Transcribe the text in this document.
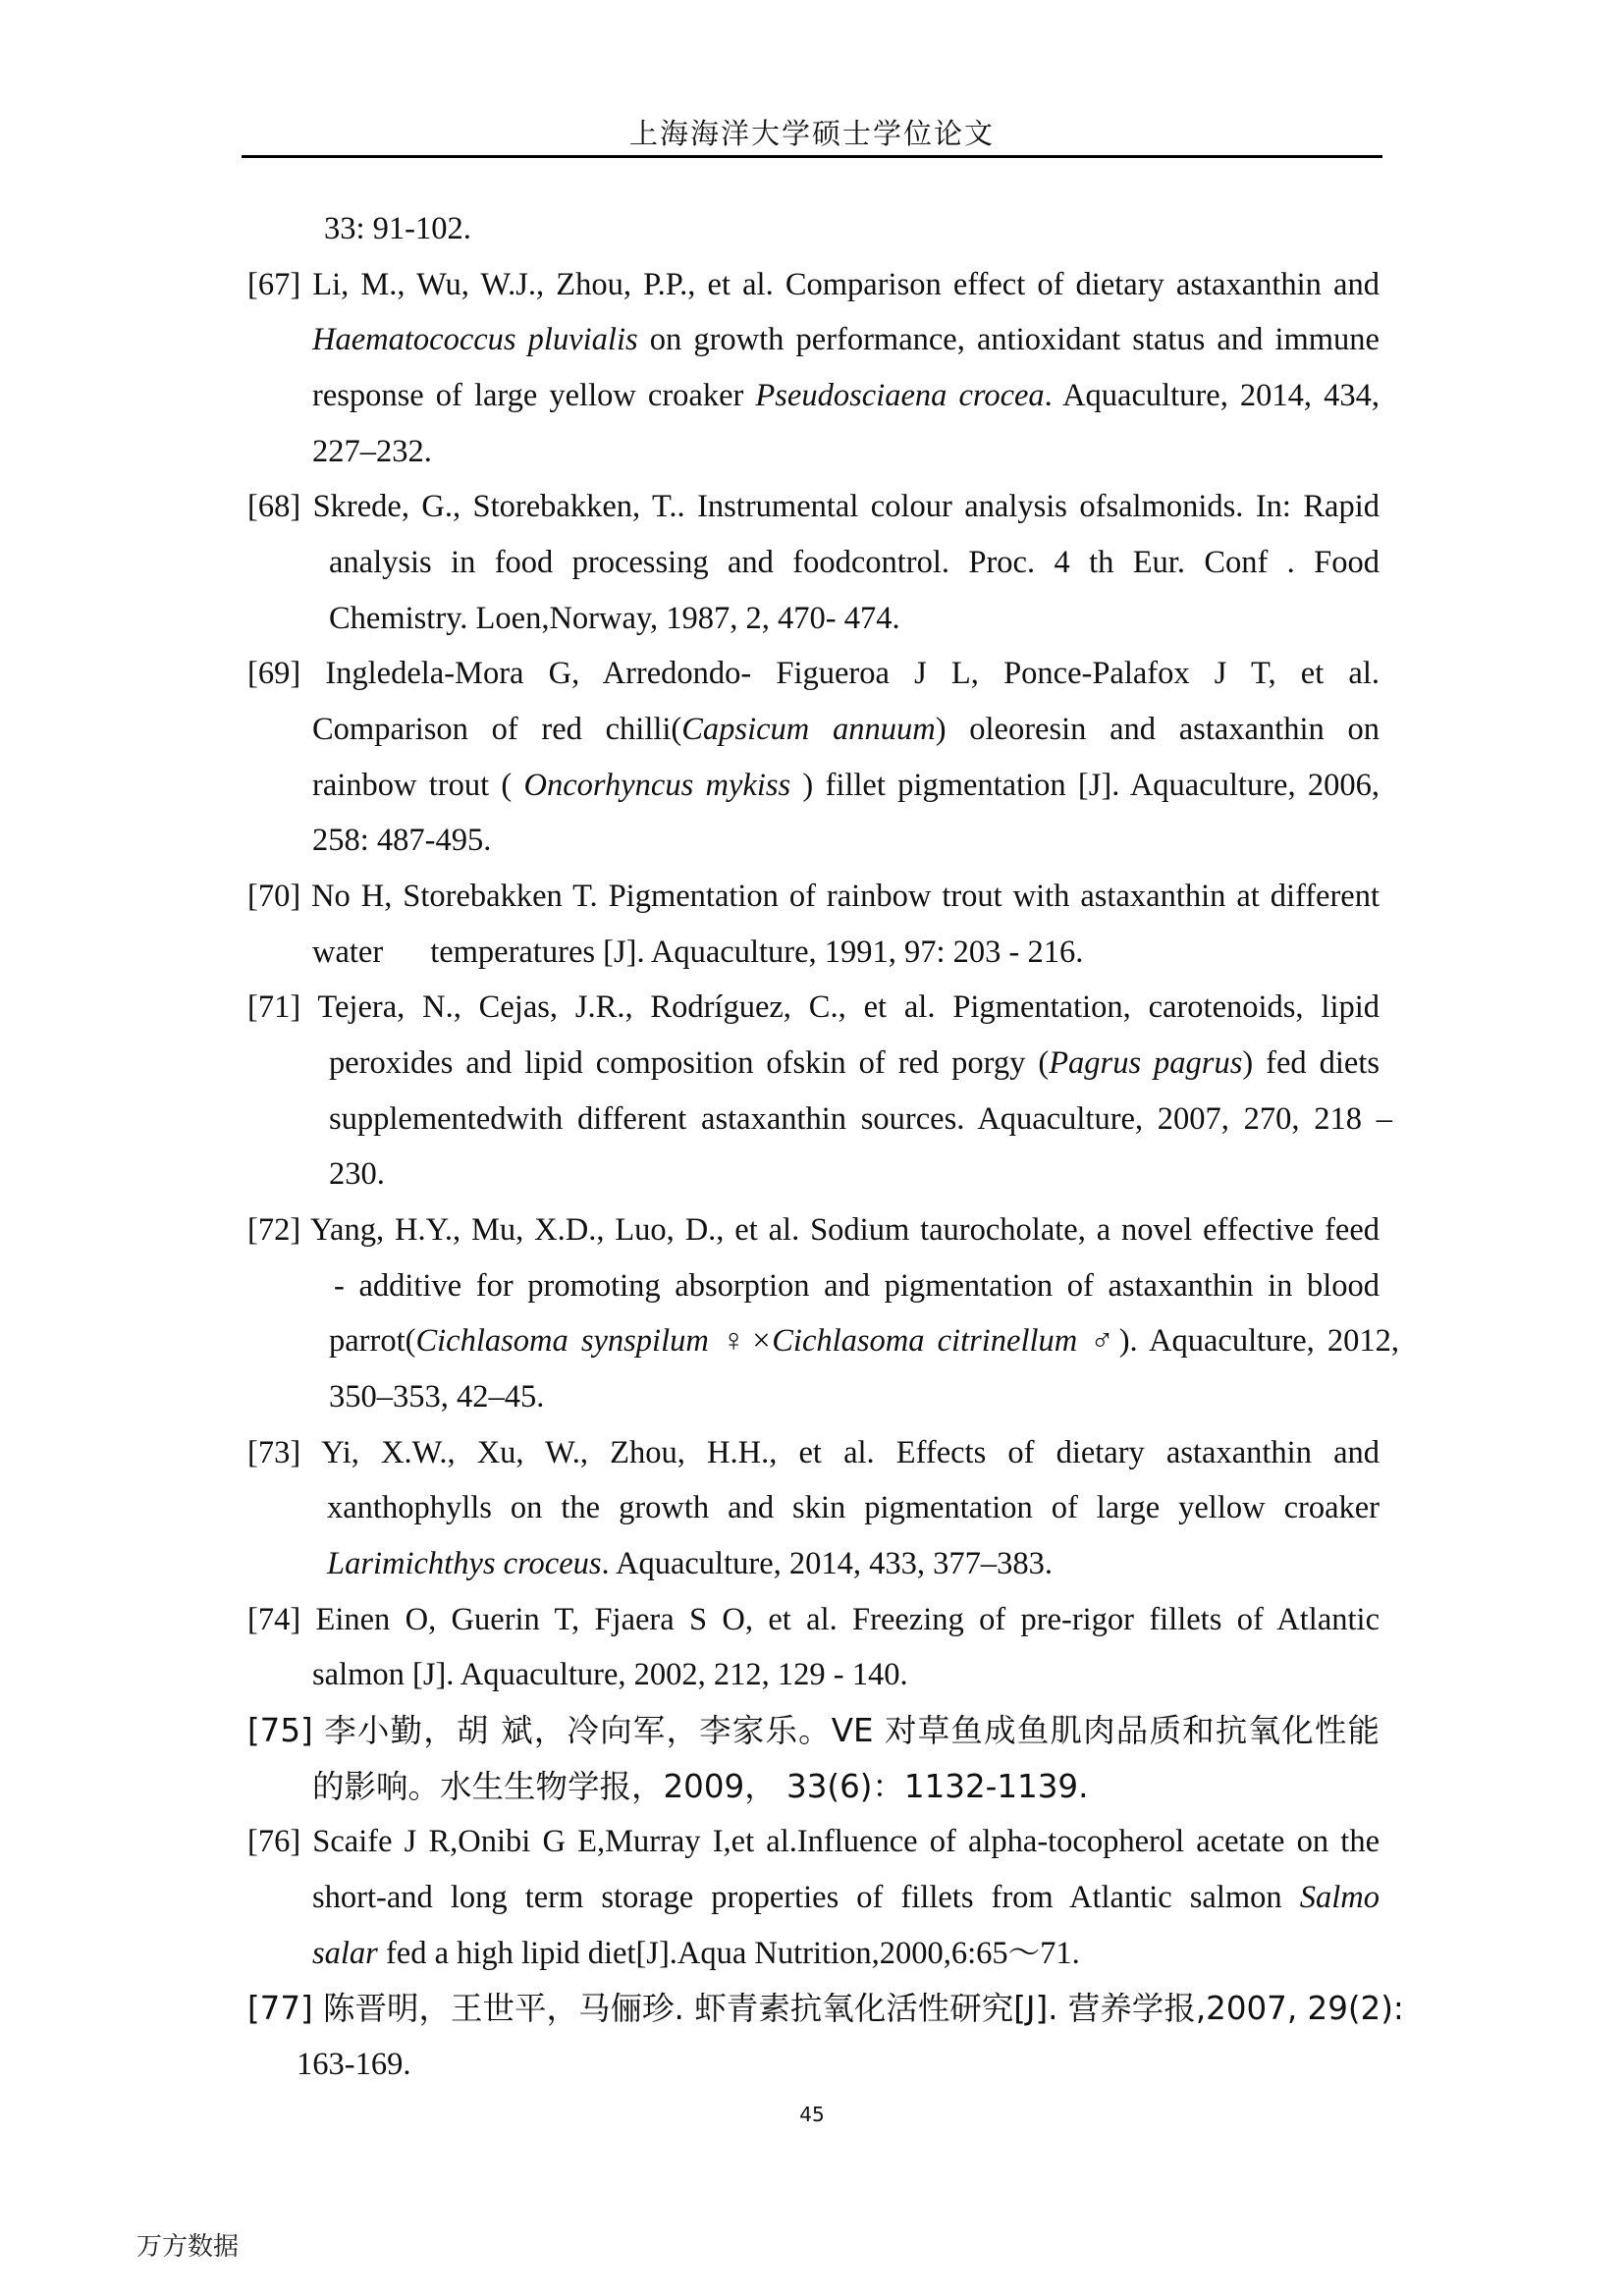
上海海洋大学硕士学位论文
33: 91-102.
[67] Li, M., Wu, W.J., Zhou, P.P., et al. Comparison effect of dietary astaxanthin and
Haematococcus pluvialis on growth performance, antioxidant status and immune
response of large yellow croaker Pseudosciaena crocea. Aquaculture, 2014, 434,
227–232.
[68] Skrede, G., Storebakken, T.. Instrumental colour analysis ofsalmonids. In: Rapid
analysis in food processing and foodcontrol. Proc. 4 th Eur. Conf . Food
Chemistry. Loen,Norway, 1987, 2, 470- 474.
[69] Ingledela-Mora G, Arredondo- Figueroa J L, Ponce-Palafox J T, et al.
Comparison of red chilli(Capsicum annuum) oleoresin and astaxanthin on
rainbow trout ( Oncorhyncus mykiss ) fillet pigmentation [J]. Aquaculture, 2006,
258: 487-495.
[70] No H, Storebakken T. Pigmentation of rainbow trout with astaxanthin at different
water temperatures [J]. Aquaculture, 1991, 97: 203 - 216.
[71] Tejera, N., Cejas, J.R., Rodríguez, C., et al. Pigmentation, carotenoids, lipid
peroxides and lipid composition ofskin of red porgy (Pagrus pagrus) fed diets
supplementedwith different astaxanthin sources. Aquaculture, 2007, 270, 218 –
230.
[72] Yang, H.Y., Mu, X.D., Luo, D., et al. Sodium taurocholate, a novel effective feed
‐ additive for promoting absorption and pigmentation of astaxanthin in blood
parrot(Cichlasoma synspilum ♀×Cichlasoma citrinellum ♂). Aquaculture, 2012,
350–353, 42–45.
[73] Yi, X.W., Xu, W., Zhou, H.H., et al. Effects of dietary astaxanthin and
xanthophylls on the growth and skin pigmentation of large yellow croaker
Larimichthys croceus. Aquaculture, 2014, 433, 377–383.
[74] Einen O, Guerin T, Fjaera S O, et al. Freezing of pre-rigor fillets of Atlantic
salmon [J]. Aquaculture, 2002, 212, 129 - 140.
[75] 李小勤，胡 斌，冷向军，李家乐。VE 对草鱼成鱼肌肉品质和抗氧化性能
的影响。水生生物学报，2009， 33(6)：1132-1139.
[76] Scaife J R,Onibi G E,Murray I,et al.Influence of alpha-tocopherol acetate on the
short-and long term storage properties of fillets from Atlantic salmon Salmo
salar fed a high lipid diet[J].Aqua Nutrition,2000,6:65～71.
[77] 陈晋明，王世平，马俪珍. 虾青素抗氧化活性研究[J]. 营养学报,2007, 29(2):
163-169.
45
万方数据
